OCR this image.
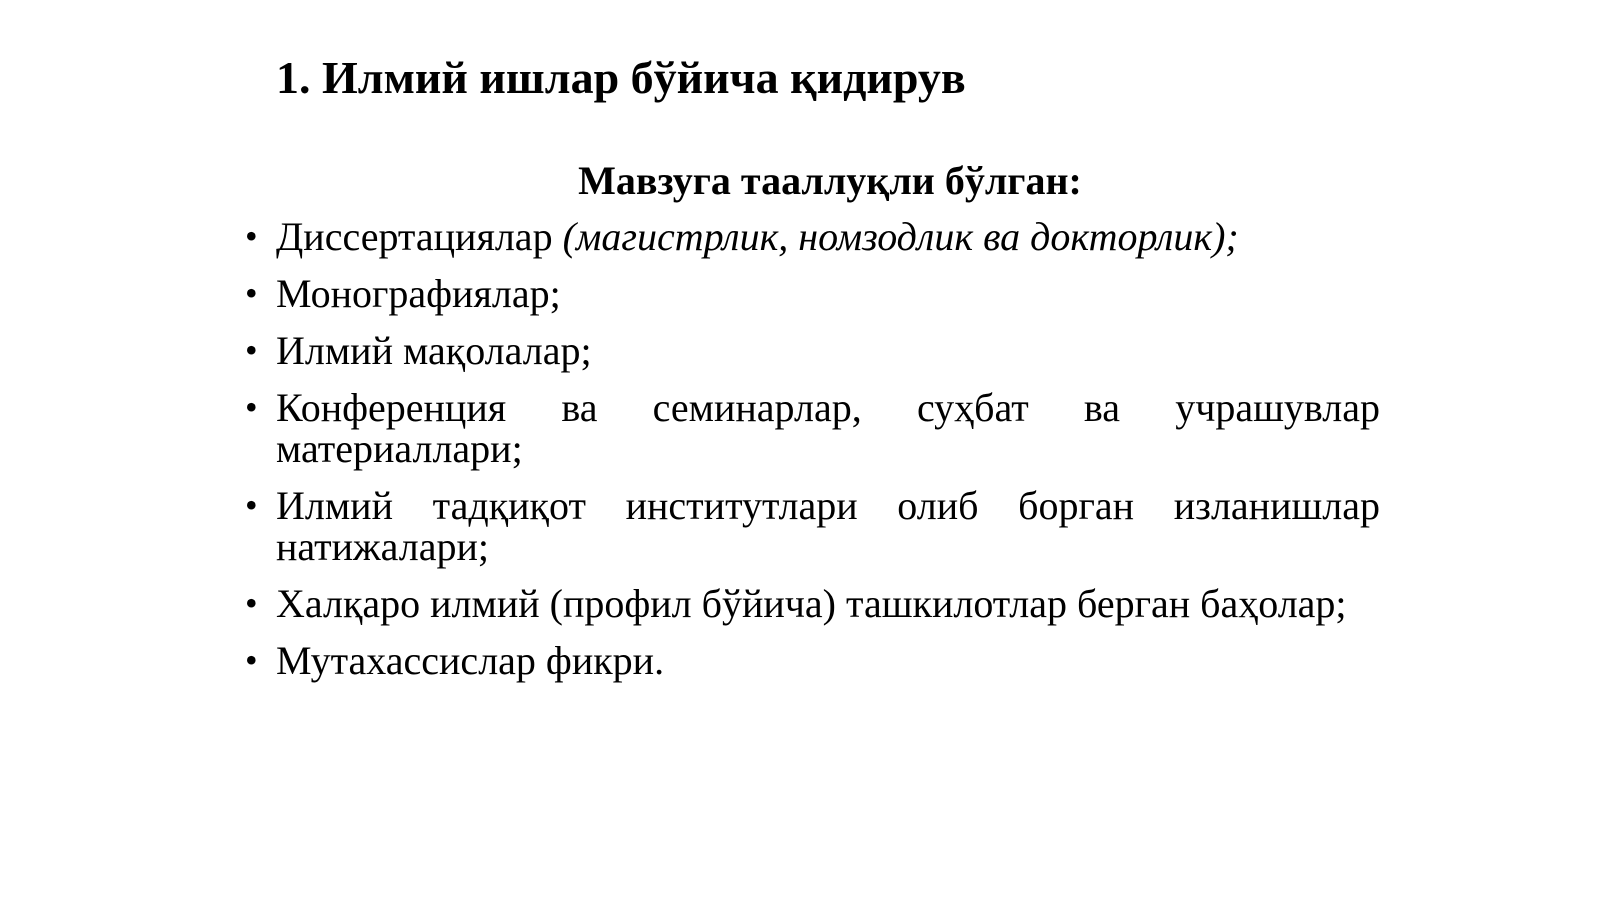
1. Илмий ишлар бўйича қидирув
Мавзуга тааллуқли бўлган:
• Диссертациялар (магистрлик, номзодлик ва докторлик);
• Монографиялар;
• Илмий мақолалар;
• Конференция ва семинарлар, суҳбат ва учрашувлар материаллари;
• Илмий тадқиқот институтлари олиб борган изланишлар натижалари;
• Халқаро илмий (профил бўйича) ташкилотлар берган баҳолар;
• Мутахассислар фикри.
